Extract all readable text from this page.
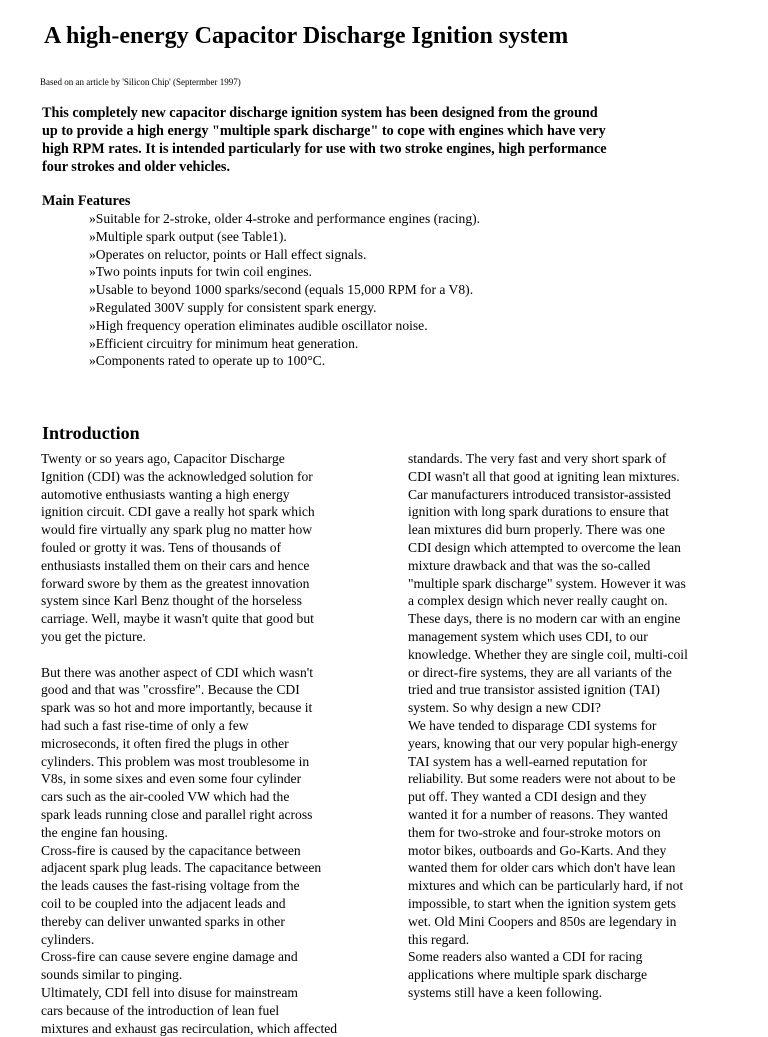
A high-energy Capacitor Discharge Ignition system
Based on an article by 'Silicon Chip' (Septermber 1997)
This completely new capacitor discharge ignition system has been designed from the ground
up to provide a high energy "multiple spark discharge" to cope with engines which have very
high RPM rates. It is intended particularly for use with two stroke engines, high performance
four strokes and older vehicles.
Main Features
»Suitable for 2-stroke, older 4-stroke and performance engines (racing).
»Multiple spark output (see Table1).
»Operates on reluctor, points or Hall effect signals.
»Two points inputs for twin coil engines.
»Usable to beyond 1000 sparks/second (equals 15,000 RPM for a V8).
»Regulated 300V supply for consistent spark energy.
»High frequency operation eliminates audible oscillator noise.
»Efficient circuitry for minimum heat generation.
»Components rated to operate up to 100°C.
Introduction
Twenty or so years ago, Capacitor Discharge
Ignition (CDI) was the acknowledged solution for
automotive enthusiasts wanting a high energy
ignition circuit. CDI gave a really hot spark which
would fire virtually any spark plug no matter how
fouled or grotty it was. Tens of thousands of
enthusiasts installed them on their cars and hence
forward swore by them as the greatest innovation
system since Karl Benz thought of the horseless
carriage. Well, maybe it wasn't quite that good but
you get the picture.
But there was another aspect of CDI which wasn't
good and that was "crossfire". Because the CDI
spark was so hot and more importantly, because it
had such a fast rise-time of only a few
microseconds, it often fired the plugs in other
cylinders. This problem was most troublesome in
V8s, in some sixes and even some four cylinder
cars such as the air-cooled VW which had the
spark leads running close and parallel right across
the engine fan housing.
Cross-fire is caused by the capacitance between
adjacent spark plug leads. The capacitance between
the leads causes the fast-rising voltage from the
coil to be coupled into the adjacent leads and
thereby can deliver unwanted sparks in other
cylinders.
Cross-fire can cause severe engine damage and
sounds similar to pinging.
Ultimately, CDI fell into disuse for mainstream
cars because of the introduction of lean fuel
mixtures and exhaust gas recirculation, which affected
standards. The very fast and very short spark of
CDI wasn't all that good at igniting lean mixtures.
Car manufacturers introduced transistor-assisted
ignition with long spark durations to ensure that
lean mixtures did burn properly. There was one
CDI design which attempted to overcome the lean
mixture drawback and that was the so-called
"multiple spark discharge" system. However it was
a complex design which never really caught on.
These days, there is no modern car with an engine
management system which uses CDI, to our
knowledge. Whether they are single coil, multi-coil
or direct-fire systems, they are all variants of the
tried and true transistor assisted ignition (TAI)
system. So why design a new CDI?
We have tended to disparage CDI systems for
years, knowing that our very popular high-energy
TAI system has a well-earned reputation for
reliability. But some readers were not about to be
put off. They wanted a CDI design and they
wanted it for a number of reasons. They wanted
them for two-stroke and four-stroke motors on
motor bikes, outboards and Go-Karts. And they
wanted them for older cars which don't have lean
mixtures and which can be particularly hard, if not
impossible, to start when the ignition system gets
wet. Old Mini Coopers and 850s are legendary in
this regard.
Some readers also wanted a CDI for racing
applications where multiple spark discharge
systems still have a keen following.
